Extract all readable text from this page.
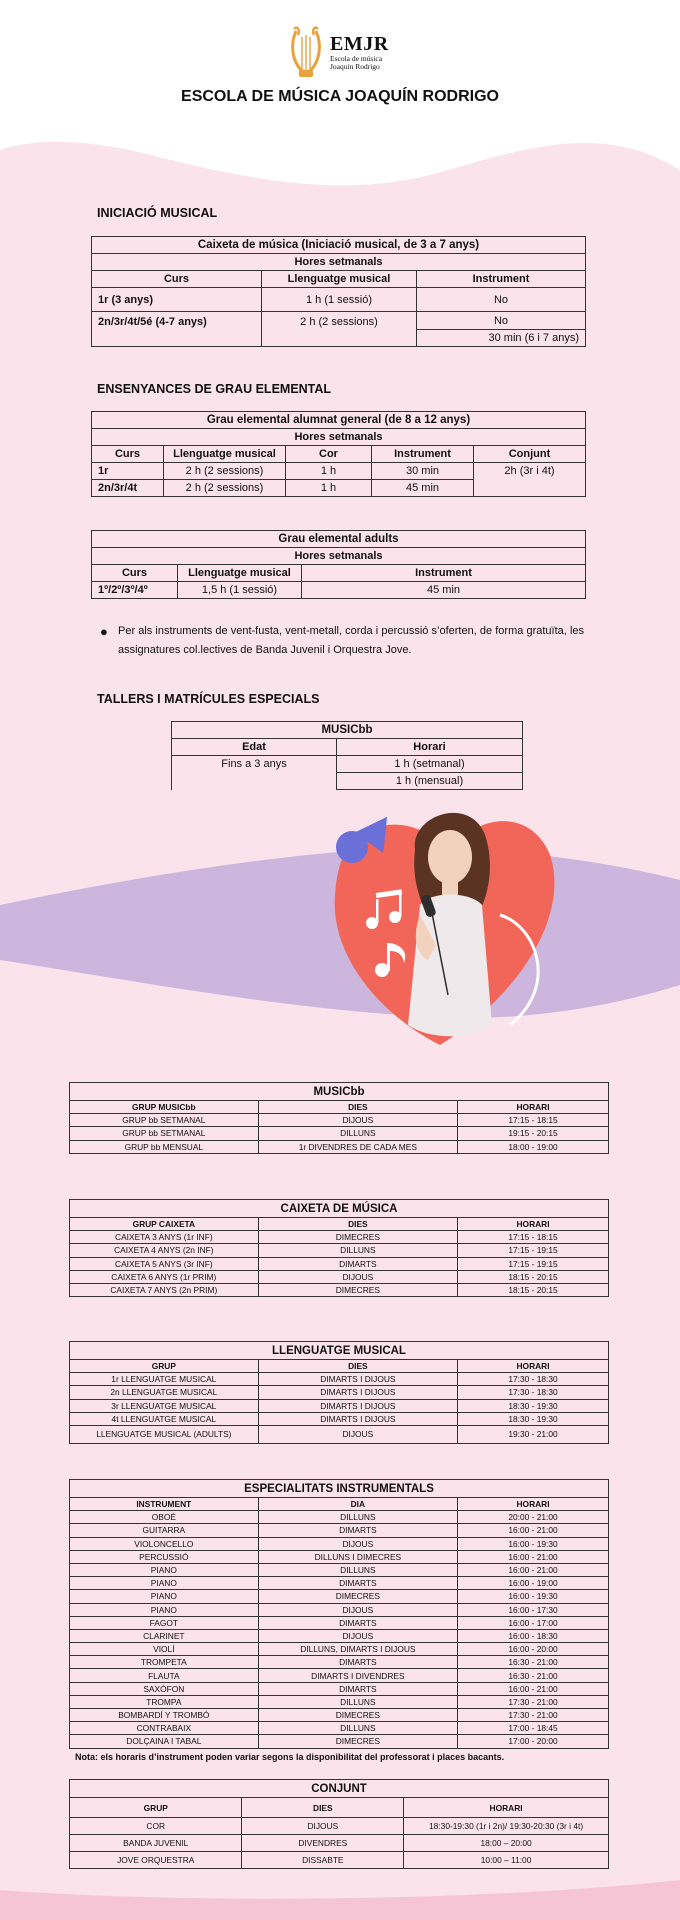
EMJR
Escola de música
Joaquín Rodrigo
ESCOLA DE MÚSICA JOAQUÍN RODRIGO
INICIACIÓ MUSICAL
Caixeta de música (Iniciació musical, de 3 a 7 anys)		
Hores setmanals		
Curs	Llenguatge musical	Instrument
1r (3 anys)	1 h (1 sessió)	No
2n/3r/4t/5é (4-7 anys)	2 h (2 sessions)	No
		30 min (6 i 7 anys)
ENSENYANCES DE GRAU ELEMENTAL
Grau elemental alumnat general (de 8 a 12 anys)				
Hores setmanals				
Curs	Llenguatge musical	Cor	Instrument	Conjunt
1r	2 h (2 sessions)	1 h	30 min	2h (3r i 4t)
2n/3r/4t	2 h (2 sessions)	1 h	45 min	
Grau elemental adults		
Hores setmanals		
Curs	Llenguatge musical	Instrument
1º/2º/3º/4º	1,5 h (1 sessió)	45 min
● Per als instruments de vent-fusta, vent-metall, corda i percussió s’oferten, de forma gratuïta, les assignatures col.lectives de Banda Juvenil i Orquestra Jove.
TALLERS I MATRÍCULES ESPECIALS
MUSICbb	
Edat	Horari
Fins a 3 anys	1 h (setmanal)
	1 h (mensual)
MUSICbb		
GRUP MUSICbb	DIES	HORARI
GRUP bb SETMANAL	DIJOUS	17:15 - 18:15
GRUP bb SETMANAL	DILLUNS	19:15 - 20:15
GRUP bb MENSUAL	1r DIVENDRES DE CADA MES	18:00 - 19:00
CAIXETA DE MÚSICA		
GRUP CAIXETA	DIES	HORARI
CAIXETA 3 ANYS (1r INF)	DIMECRES	17:15 - 18:15
CAIXETA 4 ANYS (2n INF)	DILLUNS	17:15 - 19:15
CAIXETA 5 ANYS (3r INF)	DIMARTS	17:15 - 19:15
CAIXETA 6 ANYS (1r PRIM)	DIJOUS	18:15 - 20:15
CAIXETA 7 ANYS (2n PRIM)	DIMECRES	18:15 - 20:15
LLENGUATGE MUSICAL		
GRUP	DIES	HORARI
1r LLENGUATGE MUSICAL	DIMARTS I DIJOUS	17:30 - 18:30
2n LLENGUATGE MUSICAL	DIMARTS I DIJOUS	17:30 - 18:30
3r LLENGUATGE MUSICAL	DIMARTS I DIJOUS	18:30 - 19:30
4t LLENGUATGE MUSICAL	DIMARTS I DIJOUS	18:30 - 19:30
LLENGUATGE MUSICAL (ADULTS)	DIJOUS	19:30 - 21:00
ESPECIALITATS INSTRUMENTALS		
INSTRUMENT	DIA	HORARI
OBOÉ	DILLUNS	20:00 - 21:00
GUITARRA	DIMARTS	16:00 - 21:00
VIOLONCELLO	DIJOUS	16:00 - 19:30
PERCUSSIÓ	DILLUNS I DIMECRES	16:00 - 21:00
PIANO	DILLUNS	16:00 - 21:00
PIANO	DIMARTS	16:00 - 19:00
PIANO	DIMECRES	16:00 - 19:30
PIANO	DIJOUS	16:00 - 17:30
FAGOT	DIMARTS	16:00 - 17:00
CLARINET	DIJOUS	16:00 - 18:30
VIOLÍ	DILLUNS, DIMARTS I DIJOUS	16:00 - 20:00
TROMPETA	DIMARTS	16:30 - 21:00
FLAUTA	DIMARTS I DIVENDRES	16:30 - 21:00
SAXÒFON	DIMARTS	16:00 - 21:00
TROMPA	DILLUNS	17:30 - 21:00
BOMBARDÍ Y TROMBÓ	DIMECRES	17:30 - 21:00
CONTRABAIX	DILLUNS	17:00 - 18:45
DOLÇAINA I TABAL	DIMECRES	17:00 - 20:00
Nota: els horaris d’instrument poden variar segons la disponibilitat del professorat i places bacants.
CONJUNT		
GRUP	DIES	HORARI
COR	DIJOUS	18:30-19:30 (1r i 2n)/ 19:30-20:30 (3r i 4t)
BANDA JUVENIL	DIVENDRES	18:00 – 20:00
JOVE ORQUESTRA	DISSABTE	10:00 – 11:00
